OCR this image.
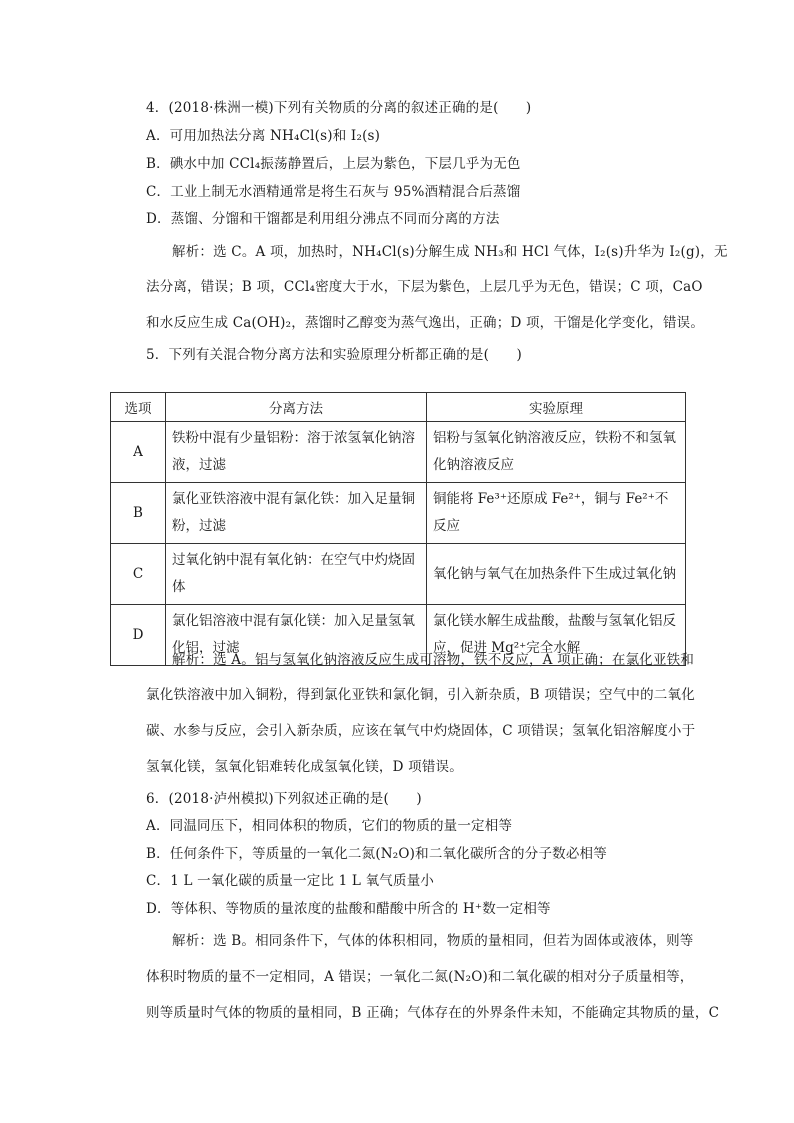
4．(2018·株洲一模)下列有关物质的分离的叙述正确的是(　　)
A．可用加热法分离 NH₄Cl(s)和 I₂(s)
B．碘水中加 CCl₄振荡静置后，上层为紫色，下层几乎为无色
C．工业上制无水酒精通常是将生石灰与 95%酒精混合后蒸馏
D．蒸馏、分馏和干馏都是利用组分沸点不同而分离的方法
解析：选 C。A 项，加热时，NH₄Cl(s)分解生成 NH₃和 HCl 气体，I₂(s)升华为 I₂(g)，无
法分离，错误；B 项，CCl₄密度大于水，下层为紫色，上层几乎为无色，错误；C 项，CaO
和水反应生成 Ca(OH)₂，蒸馏时乙醇变为蒸气逸出，正确；D 项，干馏是化学变化，错误。
5．下列有关混合物分离方法和实验原理分析都正确的是(　　)
选项	分离方法	实验原理
A	铁粉中混有少量铝粉：溶于浓氢氧化钠溶液，过滤	铝粉与氢氧化钠溶液反应，铁粉不和氢氧化钠溶液反应
B	氯化亚铁溶液中混有氯化铁：加入足量铜粉，过滤	铜能将 Fe³⁺还原成 Fe²⁺，铜与 Fe²⁺不反应
C	过氧化钠中混有氧化钠：在空气中灼烧固体	氧化钠与氧气在加热条件下生成过氧化钠
D	氯化铝溶液中混有氯化镁：加入足量氢氧化铝，过滤	氯化镁水解生成盐酸，盐酸与氢氧化铝反应，促进 Mg²⁺完全水解
解析：选 A。铝与氢氧化钠溶液反应生成可溶物，铁不反应，A 项正确；在氯化亚铁和
氯化铁溶液中加入铜粉，得到氯化亚铁和氯化铜，引入新杂质，B 项错误；空气中的二氧化
碳、水参与反应，会引入新杂质，应该在氧气中灼烧固体，C 项错误；氢氧化铝溶解度小于
氢氧化镁，氢氧化铝难转化成氢氧化镁，D 项错误。
6．(2018·泸州模拟)下列叙述正确的是(　　)
A．同温同压下，相同体积的物质，它们的物质的量一定相等
B．任何条件下，等质量的一氧化二氮(N₂O)和二氧化碳所含的分子数必相等
C．1 L 一氧化碳的质量一定比 1 L 氧气质量小
D．等体积、等物质的量浓度的盐酸和醋酸中所含的 H⁺数一定相等
解析：选 B。相同条件下，气体的体积相同，物质的量相同，但若为固体或液体，则等
体积时物质的量不一定相同，A 错误；一氧化二氮(N₂O)和二氧化碳的相对分子质量相等，
则等质量时气体的物质的量相同，B 正确；气体存在的外界条件未知，不能确定其物质的量，C
